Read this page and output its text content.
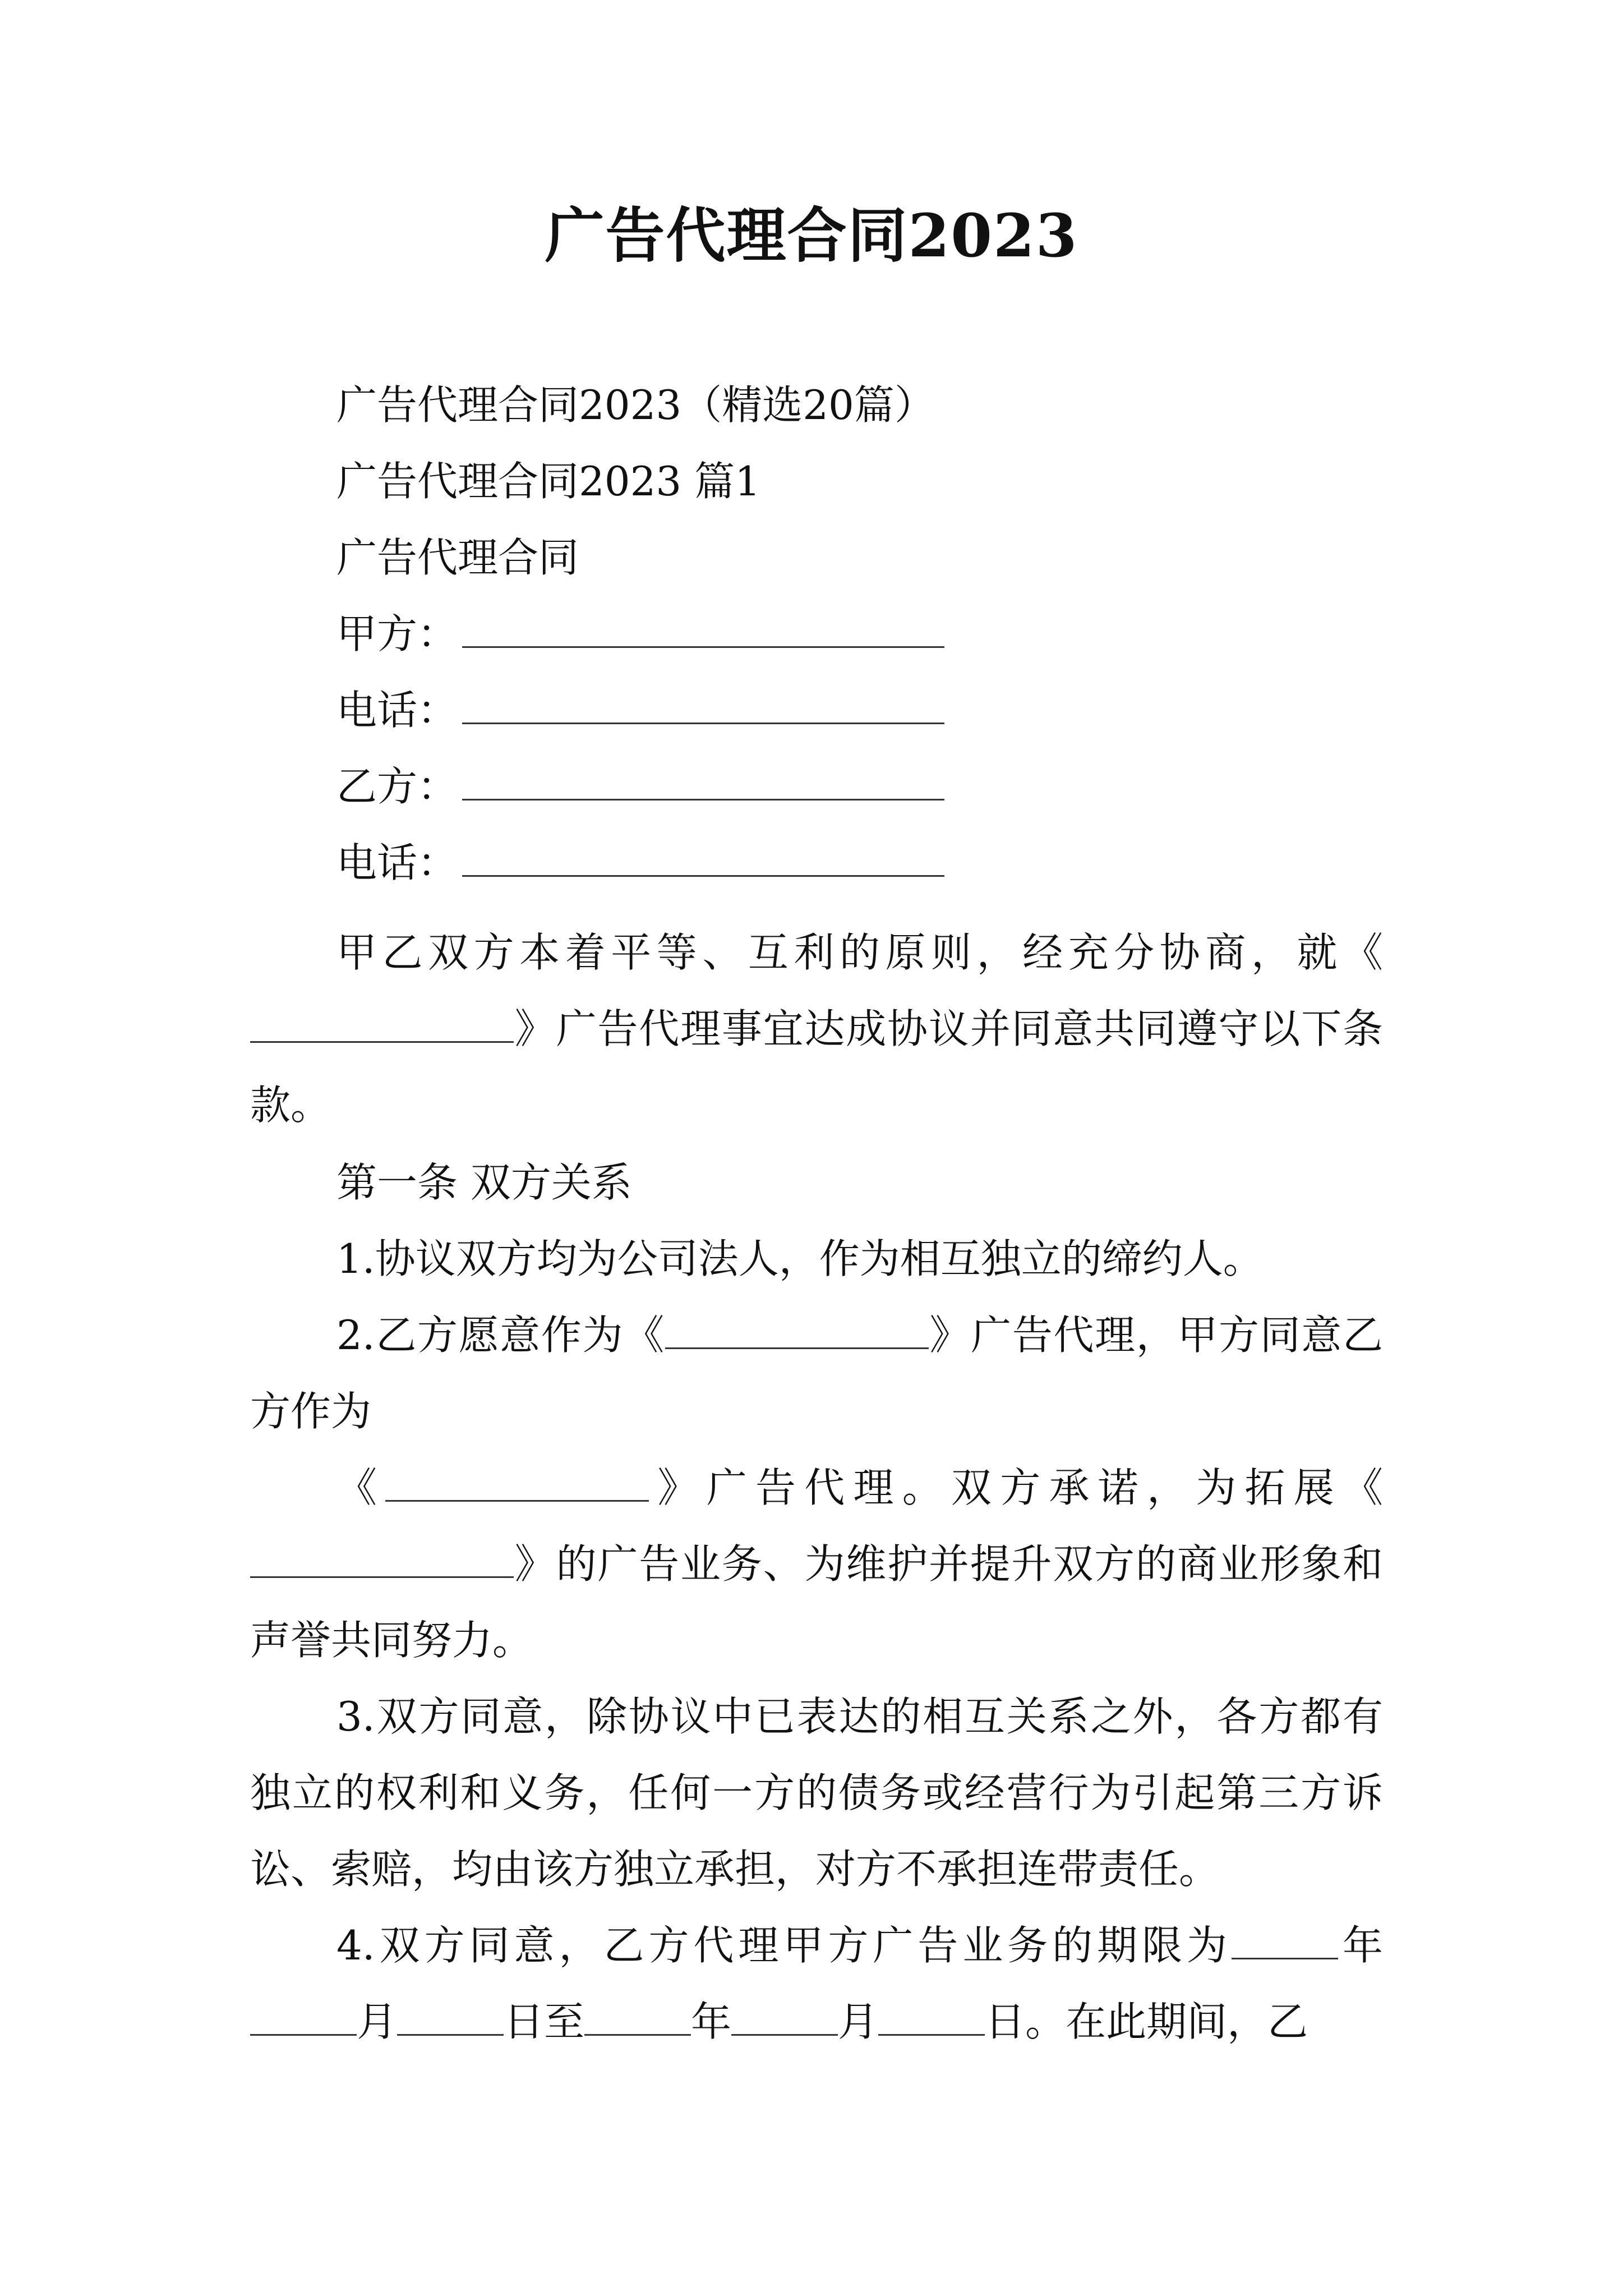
广告代理合同2023
广告代理合同2023（精选20篇）
广告代理合同2023 篇1
广告代理合同
甲方：
电话：
乙方：
电话：
甲乙双方本着平等、互利的原则，经充分协商，就《》广告代理事宜达成协议并同意共同遵守以下条款。
第一条 双方关系
1.协议双方均为公司法人，作为相互独立的缔约人。
2.乙方愿意作为《	》广告代理，甲方同意乙方作为
《	》广告代理。双方承诺，为拓展《》的广告业务、为维护并提升双方的商业形象和声誉共同努力。
3.双方同意，除协议中已表达的相互关系之外，各方都有独立的权利和义务，任何一方的债务或经营行为引起第三方诉讼、索赔，均由该方独立承担，对方不承担连带责任。
4.双方同意，乙方代理甲方广告业务的期限为	年月	日至	年	月	日。在此期间，乙
